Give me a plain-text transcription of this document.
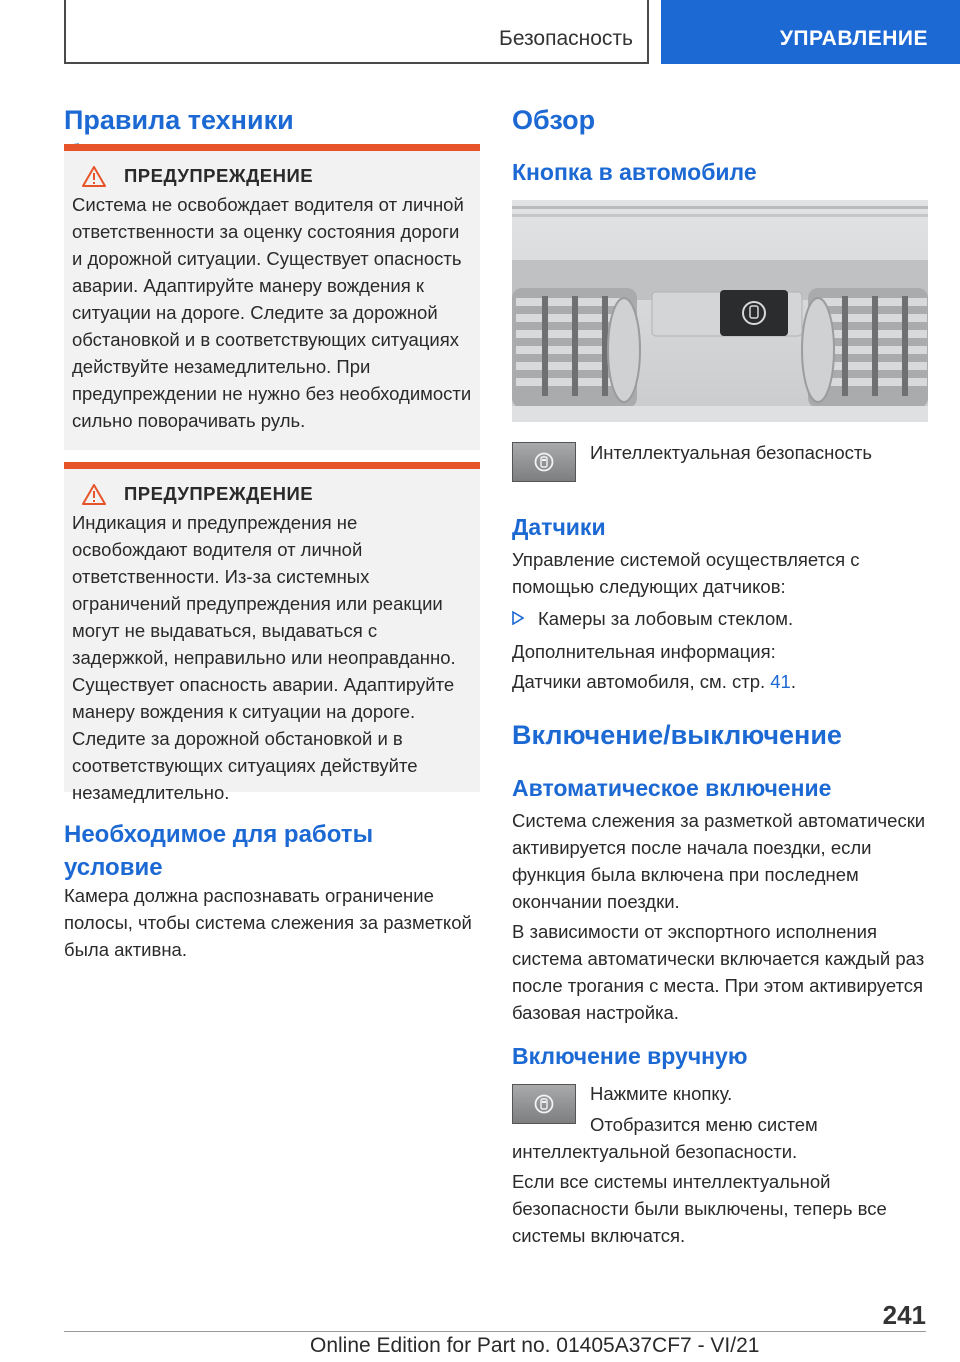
Безопасность	УПРАВЛЕНИЕ
Правила техники
ПРЕДУПРЕЖДЕНИЕ

Система не освобождает водителя от личной ответственности за оценку состояния дороги и дорожной ситуации. Существует опасность аварии. Адаптируйте манеру вождения к ситуации на дороге. Следите за дорожной обстановкой и в соответствующих ситуациях действуйте незамедлительно. При предупреждении не нужно без необходимости сильно поворачивать руль.

ПРЕДУПРЕЖДЕНИЕ

Индикация и предупреждения не освобождают водителя от личной ответственности. Из-за системных ограничений предупреждения или реакции могут не выдаваться, выдаваться с задержкой, неправильно или неоправданно. Существует опасность аварии. Адаптируйте манеру вождения к ситуации на дороге. Следите за дорожной обстановкой и в соответствующих ситуациях действуйте незамедлительно.

Необходимое для работы
условие

Камера должна распознавать ограничение полосы, чтобы система слежения за разметкой была активна.

Обзор
Кнопка в автомобиле
Интеллектуальная безопасность
Датчики

Управление системой осуществляется с помощью следующих датчиков:

Камеры за лобовым стеклом.

Дополнительная информация:

Датчики автомобиля, см. стр. 41.

Включение/выключение
Автоматическое включение

Система слежения за разметкой автоматически активируется после начала поездки, если функция была включена при последнем окончании поездки.

В зависимости от экспортного исполнения система автоматически включается каждый раз после трогания с места. При этом активируется базовая настройка.

Включение вручную

Нажмите кнопку.

Отобразится меню систем интеллектуальной безопасности.

Если все системы интеллектуальной безопасности были выключены, теперь все системы включатся.

241
Online Edition for Part no. 01405A37CF7 - VI/21
